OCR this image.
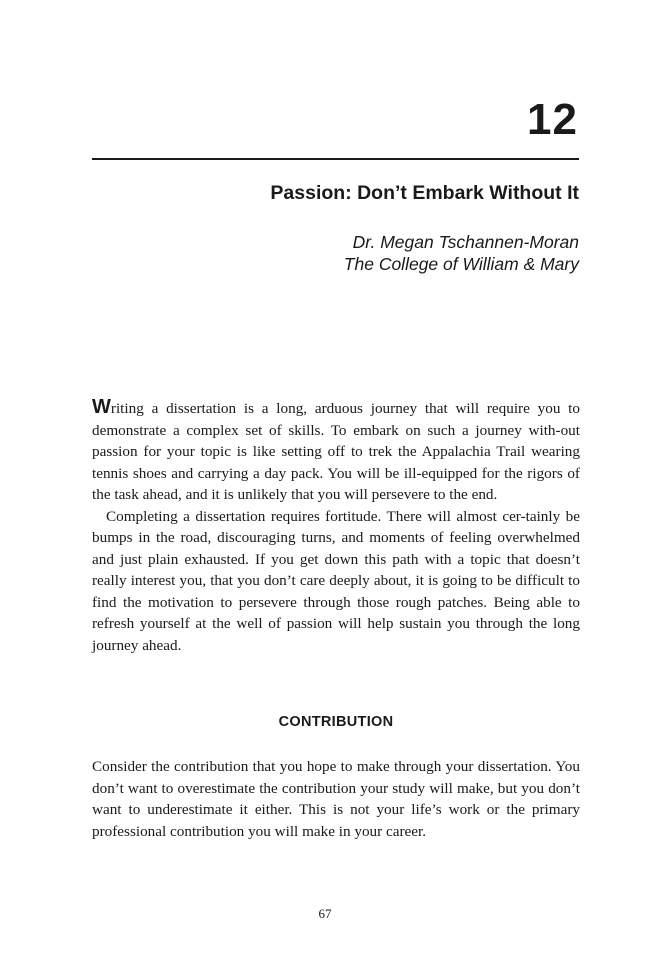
12
Passion: Don’t Embark Without It
Dr. Megan Tschannen-Moran
The College of William & Mary

Writing a dissertation is a long, arduous journey that will require you to demonstrate a complex set of skills. To embark on such a journey with-out passion for your topic is like setting off to trek the Appalachia Trail wearing tennis shoes and carrying a day pack. You will be ill-equipped for the rigors of the task ahead, and it is unlikely that you will persevere to the end.

Completing a dissertation requires fortitude. There will almost cer-tainly be bumps in the road, discouraging turns, and moments of feeling overwhelmed and just plain exhausted. If you get down this path with a topic that doesn’t really interest you, that you don’t care deeply about, it is going to be difficult to find the motivation to persevere through those rough patches. Being able to refresh yourself at the well of passion will help sustain you through the long journey ahead.

CONTRIBUTION

Consider the contribution that you hope to make through your dissertation. You don’t want to overestimate the contribution your study will make, but you don’t want to underestimate it either. This is not your life’s work or the primary professional contribution you will make in your career.

67
